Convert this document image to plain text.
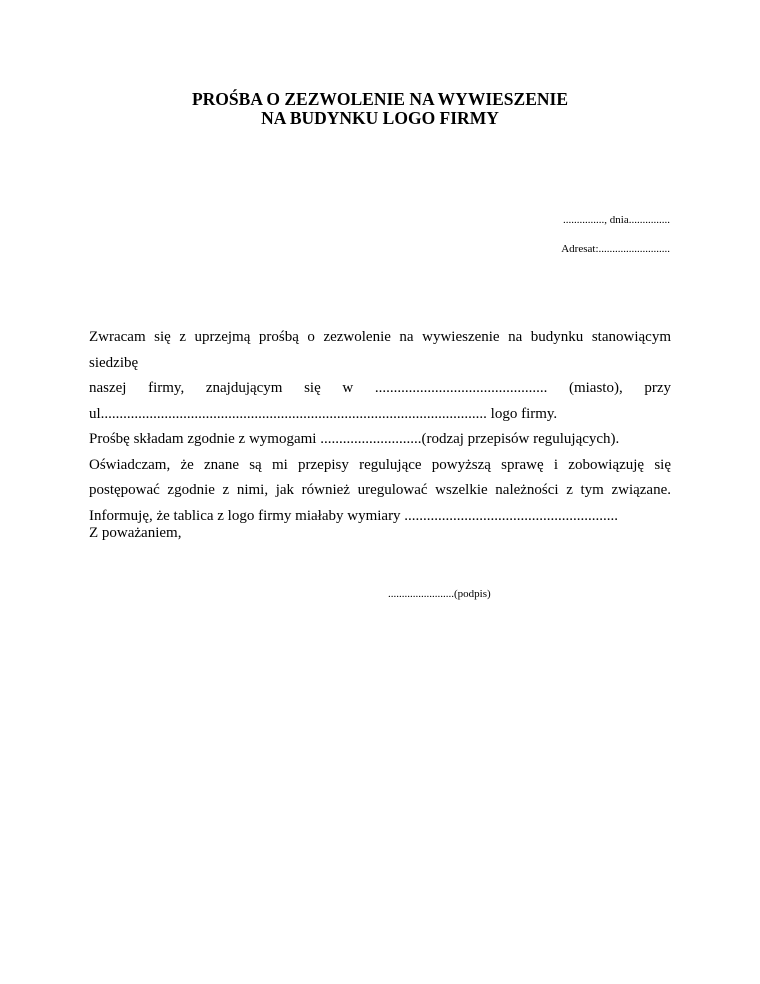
PROŚBA O ZEZWOLENIE NA WYWIESZENIE
NA BUDYNKU LOGO FIRMY
..............., dnia...............
Adresat:..........................

Zwracam się z uprzejmą prośbą o zezwolenie na wywieszenie na budynku stanowiącym siedzibę

naszej firmy, znajdującym się w .............................................. (miasto), przy

ul....................................................................................................... logo firmy.

Prośbę składam zgodnie z wymogami ...........................(rodzaj przepisów regulujących).

Oświadczam, że znane są mi przepisy regulujące powyższą sprawę i zobowiązuję się

postępować zgodnie z nimi, jak również uregulować wszelkie należności z tym związane.

Informuję, że tablica z logo firmy miałaby wymiary .........................................................

Z poważaniem,
........................(podpis)
